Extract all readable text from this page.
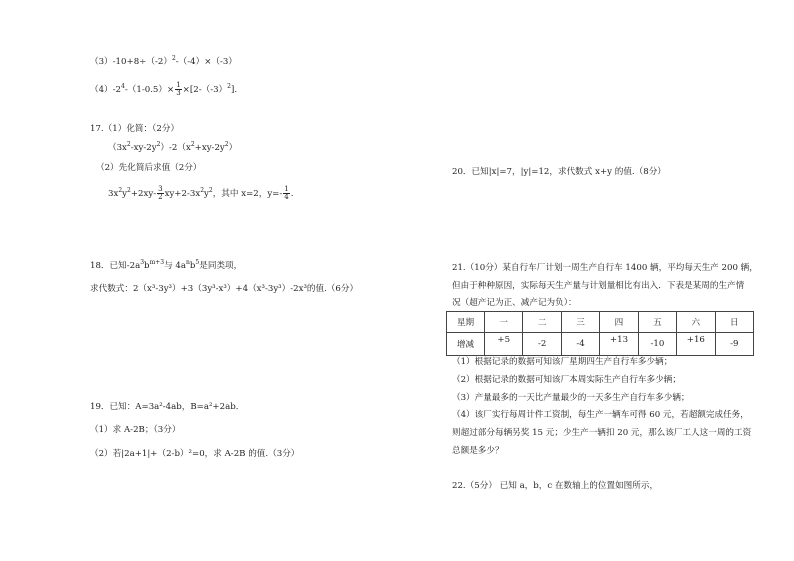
$(3)-10+8\div(-2)^2-(-4)\times(-3)$
$(4)-2^4-(1-0.5)\times \frac{1}{3} \times[2-(-3)^2]$.
17.（1）化简：（2分）
$(3x^2-xy-2y^2)-2(x^2+xy-2y^2)$
（2）先化简后求值（2分）
$3x^2y^2+2xy- \frac{3}{2} xy+2-3x^2y^2$，其中 x=2，$y=- \frac{1}{4}$ .
18．已知$-2a^3b^{m+3}$与 $4a^nb^5$是同类项，
求代数式：2（x³-3y³）+3（3y³-x³）+4（x³-3y³）-2x³的值.（6分）
19．已知：A=3a²-4ab，B=a²+2ab．
（1）求 A-2B；（3分）
（2）若|2a+1|+（2-b）²=0，求 A-2B 的值.（3分）
20．已知|x|=7，|y|=12，求代数式 x+y 的值.（8分）
21.（10分）某自行车厂计划一周生产自行车 1400 辆，平均每天生产 200 辆，
但由于种种原因，实际每天生产量与计划量相比有出入．下表是某周的生产情
况（超产记为正、减产记为负）：
星期	一	二	三	四	五	六	日
增减	+5	-2	-4	+13	-10	+16	-9
（1）根据记录的数据可知该厂星期四生产自行车多少辆；
（2）根据记录的数据可知该厂本周实际生产自行车多少辆；
（3）产量最多的一天比产量最少的一天多生产自行车多少辆；
（4）该厂实行每周计件工资制，每生产一辆车可得 60 元，若超额完成任务，
则超过部分每辆另奖 15 元；少生产一辆扣 20 元，那么该厂工人这一周的工资
总额是多少？
22.（5分） 已知 a，b，c 在数轴上的位置如图所示，
